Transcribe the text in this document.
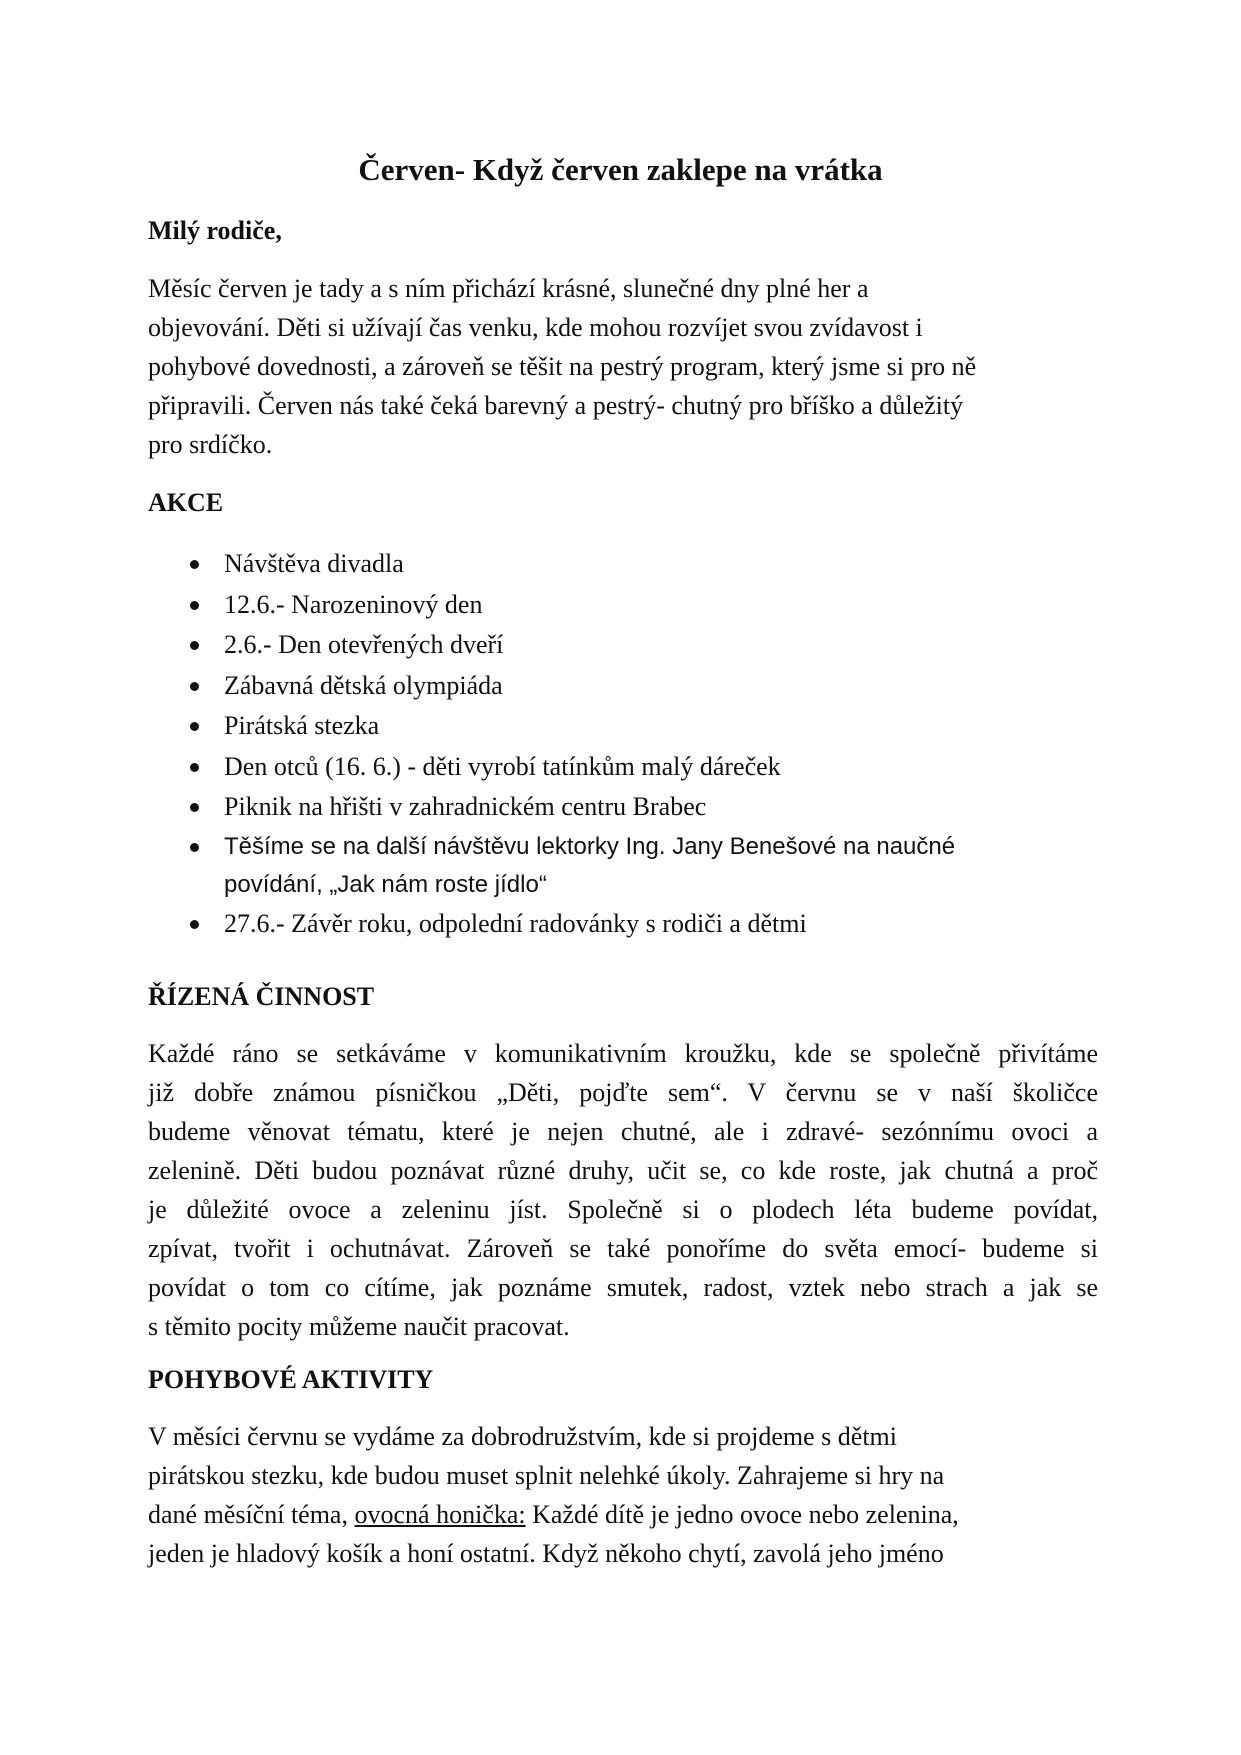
Červen- Když červen zaklepe na vrátka

Milý rodiče,

Měsíc červen je tady a s ním přichází krásné, slunečné dny plné her a
objevování. Děti si užívají čas venku, kde mohou rozvíjet svou zvídavost i
pohybové dovednosti, a zároveň se těšit na pestrý program, který jsme si pro ně
připravili. Červen nás také čeká barevný a pestrý- chutný pro bříško a důležitý
pro srdíčko.

AKCE

Návštěva divadla
12.6.- Narozeninový den
2.6.- Den otevřených dveří
Zábavná dětská olympiáda
Pirátská stezka
Den otců (16. 6.) - děti vyrobí tatínkům malý dáreček
Piknik na hřišti v zahradnickém centru Brabec
Těšíme se na další návštěvu lektorky Ing. Jany Benešové na naučné
povídání, „Jak nám roste jídlo“
27.6.- Závěr roku, odpolední radovánky s rodiči a dětmi

ŘÍZENÁ ČINNOST

Každé ráno se setkáváme v komunikativním kroužku, kde se společně přivítáme
již dobře známou písničkou „Děti, pojďte sem“. V červnu se v naší školičce
budeme věnovat tématu, které je nejen chutné, ale i zdravé- sezónnímu ovoci a
zelenině. Děti budou poznávat různé druhy, učit se, co kde roste, jak chutná a proč
je důležité ovoce a zeleninu jíst. Společně si o plodech léta budeme povídat,
zpívat, tvořit i ochutnávat. Zároveň se také ponoříme do světa emocí- budeme si
povídat o tom co cítíme, jak poznáme smutek, radost, vztek nebo strach a jak se
s těmito pocity můžeme naučit pracovat.

POHYBOVÉ AKTIVITY

V měsíci červnu se vydáme za dobrodružstvím, kde si projdeme s dětmi
pirátskou stezku, kde budou muset splnit nelehké úkoly. Zahrajeme si hry na
dané měsíční téma, ovocná honička: Každé dítě je jedno ovoce nebo zelenina,
jeden je hladový košík a honí ostatní. Když někoho chytí, zavolá jeho jméno
